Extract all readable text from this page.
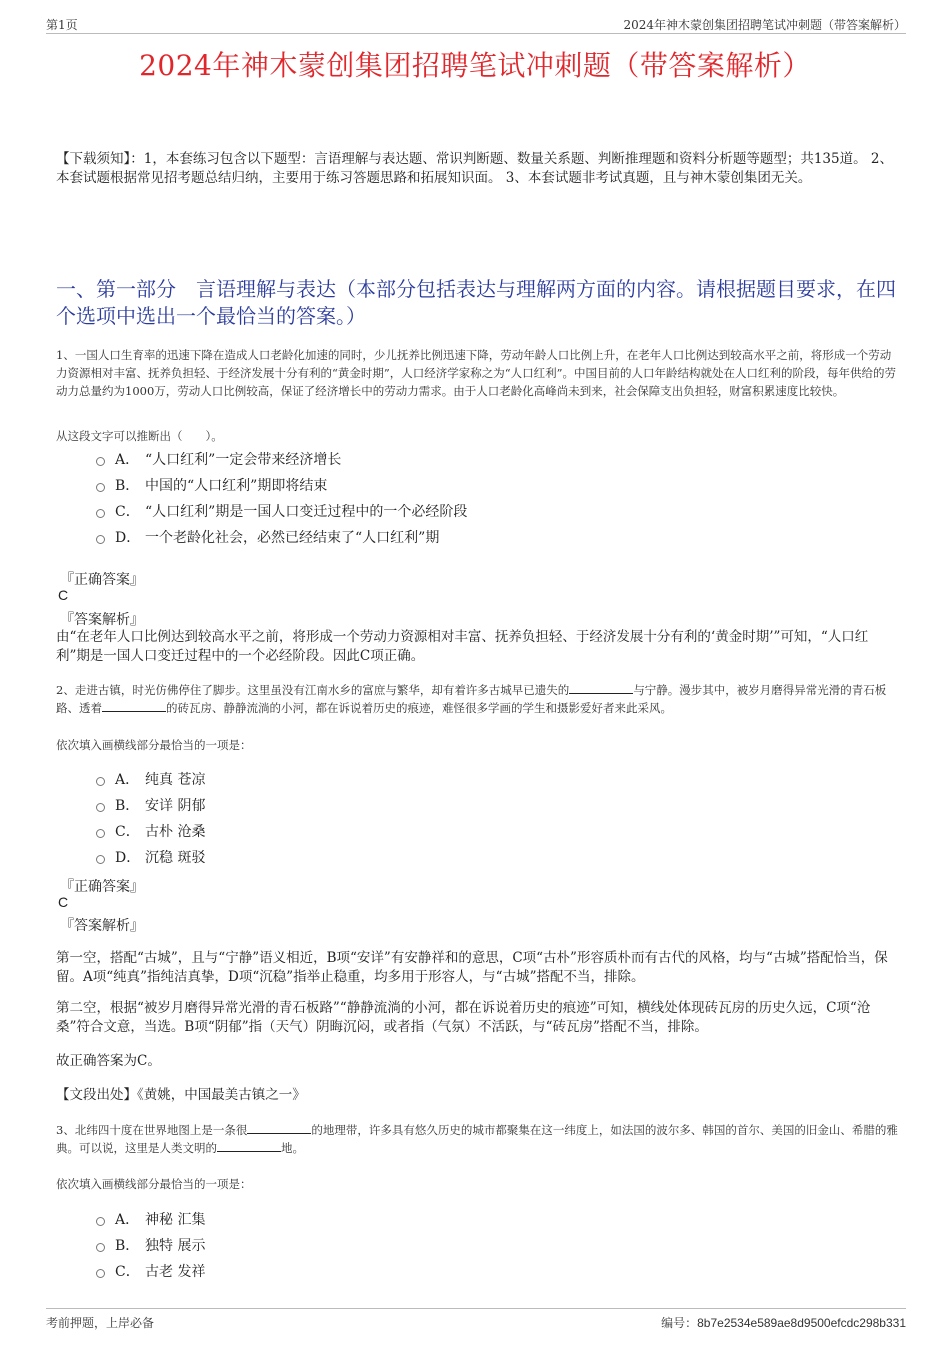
第1页	2024年神木蒙创集团招聘笔试冲刺题（带答案解析）
2024年神木蒙创集团招聘笔试冲刺题（带答案解析）
【下载须知】：1，本套练习包含以下题型：言语理解与表达题、常识判断题、数量关系题、判断推理题和资料分析题等题型；共135道。 2、本套试题根据常见招考题总结归纳，主要用于练习答题思路和拓展知识面。 3、本套试题非考试真题，且与神木蒙创集团无关。
一、第一部分　言语理解与表达（本部分包括表达与理解两方面的内容。请根据题目要求，在四个选项中选出一个最恰当的答案。）
1、一国人口生育率的迅速下降在造成人口老龄化加速的同时，少儿抚养比例迅速下降，劳动年龄人口比例上升，在老年人口比例达到较高水平之前，将形成一个劳动力资源相对丰富、抚养负担轻、于经济发展十分有利的“黄金时期”，人口经济学家称之为“人口红利”。中国目前的人口年龄结构就处在人口红利的阶段，每年供给的劳动力总量约为1000万，劳动人口比例较高，保证了经济增长中的劳动力需求。由于人口老龄化高峰尚未到来，社会保障支出负担轻，财富积累速度比较快。
从这段文字可以推断出（　　）。
A． “人口红利”一定会带来经济增长
B． 中国的“人口红利”期即将结束
C． “人口红利”期是一国人口变迁过程中的一个必经阶段
D． 一个老龄化社会，必然已经结束了“人口红利”期
『正确答案』
C
『答案解析』
由“在老年人口比例达到较高水平之前，将形成一个劳动力资源相对丰富、抚养负担轻、于经济发展十分有利的‘黄金时期’”可知，“人口红利”期是一国人口变迁过程中的一个必经阶段。因此C项正确。
2、走进古镇，时光仿佛停住了脚步。这里虽没有江南水乡的富庶与繁华，却有着许多古城早已遗失的	与宁静。漫步其中，被岁月磨得异常光滑的青石板路、透着	的砖瓦房、静静流淌的小河，都在诉说着历史的痕迹，难怪很多学画的学生和摄影爱好者来此采风。
依次填入画横线部分最恰当的一项是：
A． 纯真 苍凉
B． 安详 阴郁
C． 古朴 沧桑
D． 沉稳 斑驳
『正确答案』
C
『答案解析』
第一空，搭配“古城”，且与“宁静”语义相近，B项“安详”有安静祥和的意思，C项“古朴”形容质朴而有古代的风格，均与“古城”搭配恰当，保留。A项“纯真”指纯洁真挚，D项“沉稳”指举止稳重，均多用于形容人，与“古城”搭配不当，排除。
第二空，根据“被岁月磨得异常光滑的青石板路”“静静流淌的小河，都在诉说着历史的痕迹”可知，横线处体现砖瓦房的历史久远，C项“沧桑”符合文意，当选。B项“阴郁”指（天气）阴晦沉闷，或者指（气氛）不活跃，与“砖瓦房”搭配不当，排除。
故正确答案为C。
【文段出处】《黄姚，中国最美古镇之一》
3、北纬四十度在世界地图上是一条很	的地理带，许多具有悠久历史的城市都聚集在这一纬度上，如法国的波尔多、韩国的首尔、美国的旧金山、希腊的雅典。可以说，这里是人类文明的	地。
依次填入画横线部分最恰当的一项是：
A． 神秘 汇集
B． 独特 展示
C． 古老 发祥
考前押题，上岸必备	编号：8b7e2534e589ae8d9500efcdc298b331
